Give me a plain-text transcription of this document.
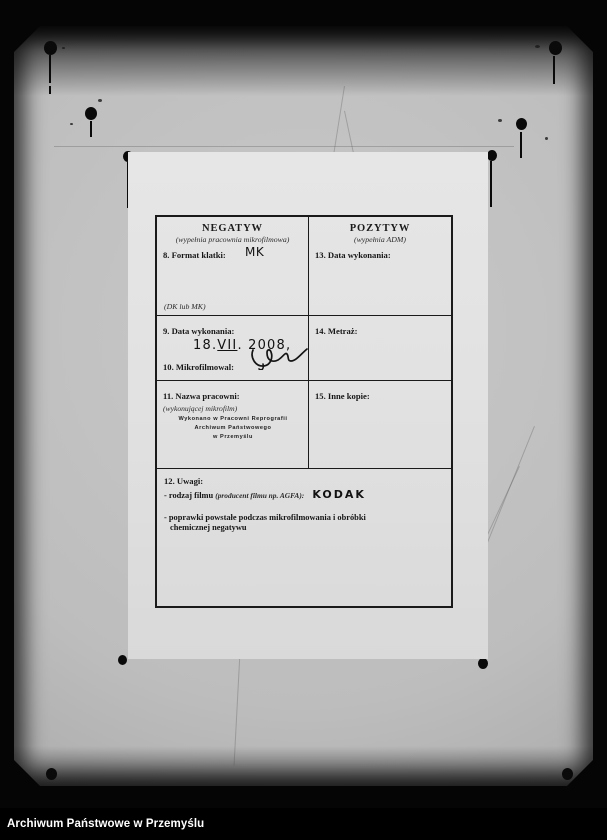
NEGATYW
(wypełnia pracownia mikrofilmowa)
8. Format klatki: MK
(DK lub MK)
POZYTYW
(wypełnia ADM)
13. Data wykonania:
9. Data wykonania:
18.VII. 2008,
10. Mikrofilmowal:
14. Metraż:
11. Nazwa pracowni:
(wykonującej mikrofilm)
Wykonano w Pracowni Reprografii
Archiwum Państwowego
w Przemyślu
15. Inne kopie:
12. Uwagi:
- rodzaj filmu (producent filmu np. AGFA): KODAK
- poprawki powstałe podczas mikrofilmowania i obróbki
chemicznej negatywu
Archiwum Państwowe w Przemyślu
